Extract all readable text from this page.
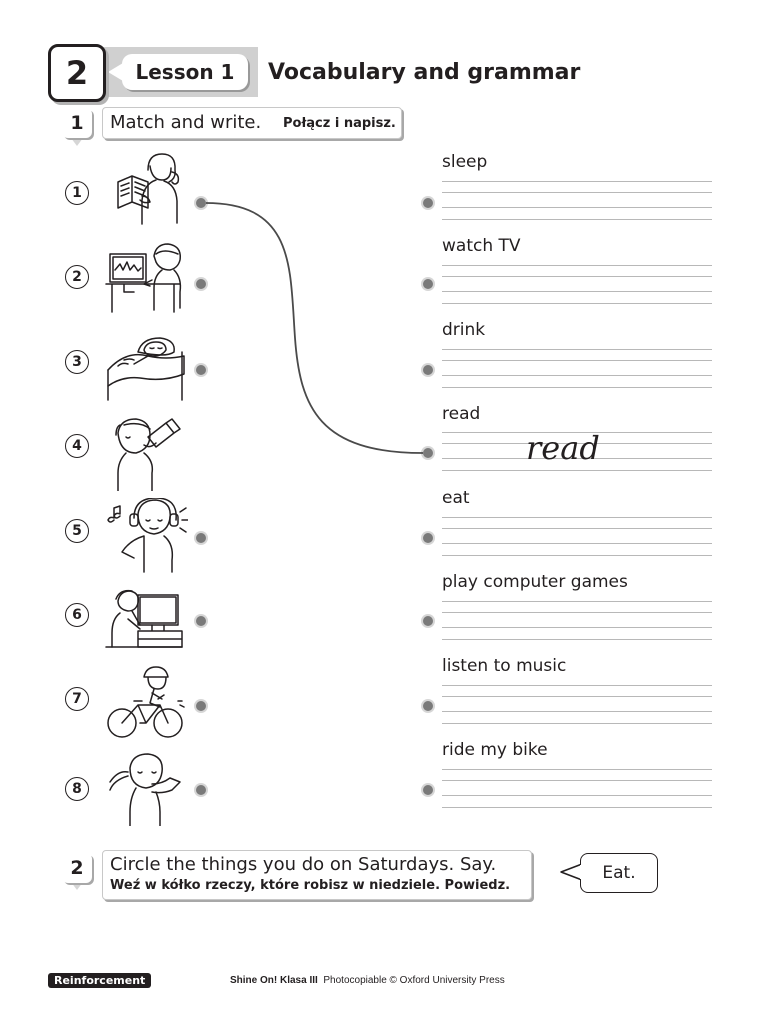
Lesson 1
2	Vocabulary and grammar
1	Match and write. Połącz i napisz.
1
2
3
4
5
6
7
8
sleep
watch TV
drink
read
read
eat
play computer games
listen to music
ride my bike
2	Circle the things you do on Saturdays. Say.
Weź w kółko rzeczy, które robisz w niedziele. Powiedz.
Eat.
Reinforcement	Shine On! Klasa III Photocopiable © Oxford University Press
